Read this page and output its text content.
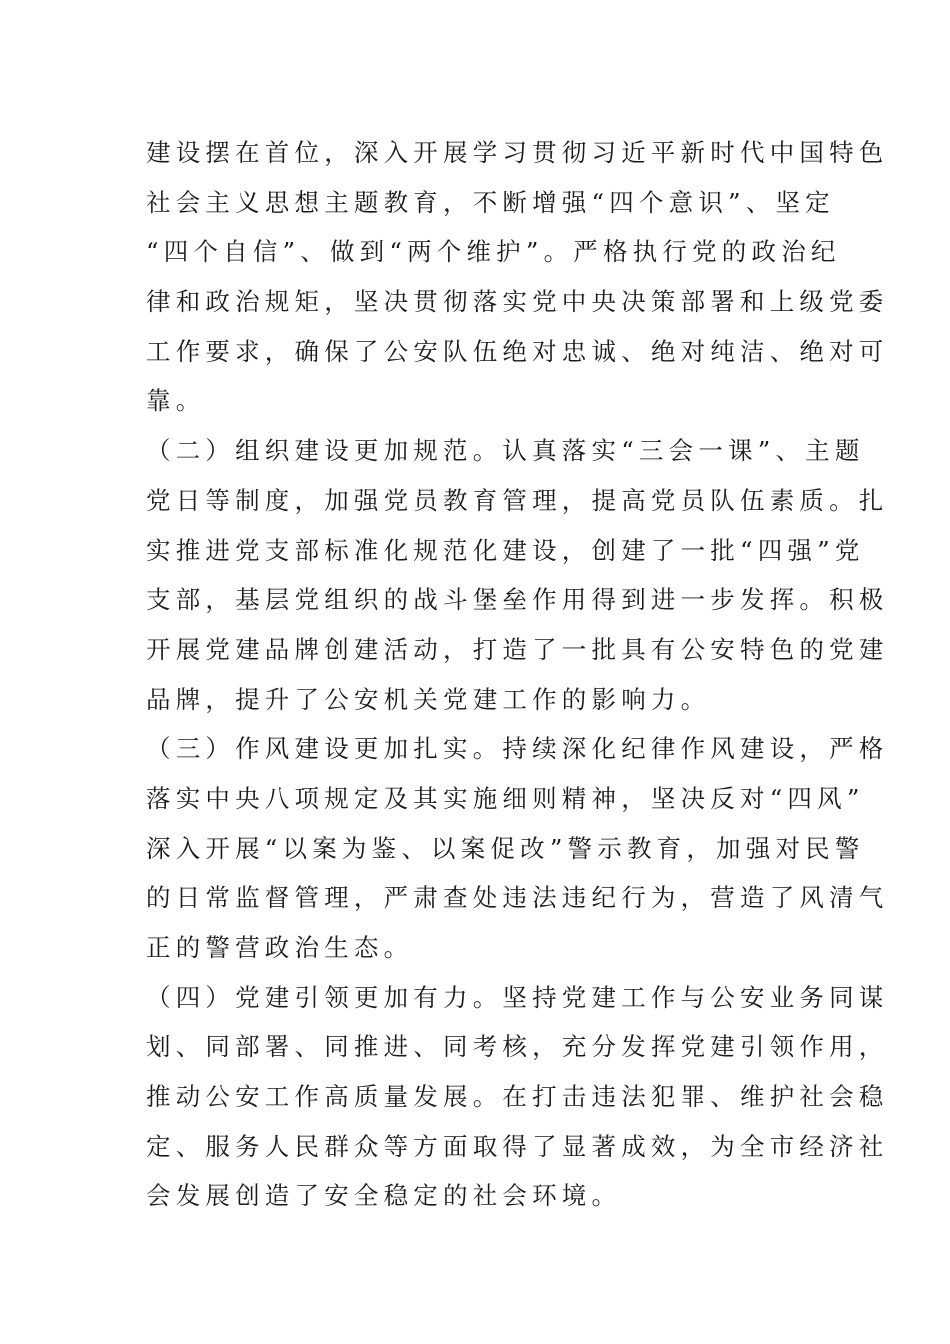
建设摆在首位，深入开展学习贯彻习近平新时代中国特色
社会主义思想主题教育，不断增强“四个意识”、坚定
“四个自信”、做到“两个维护”。严格执行党的政治纪
律和政治规矩，坚决贯彻落实党中央决策部署和上级党委
工作要求，确保了公安队伍绝对忠诚、绝对纯洁、绝对可
靠。
（二）组织建设更加规范。认真落实“三会一课”、主题
党日等制度，加强党员教育管理，提高党员队伍素质。扎
实推进党支部标准化规范化建设，创建了一批“四强”党
支部，基层党组织的战斗堡垒作用得到进一步发挥。积极
开展党建品牌创建活动，打造了一批具有公安特色的党建
品牌，提升了公安机关党建工作的影响力。
（三）作风建设更加扎实。持续深化纪律作风建设，严格
落实中央八项规定及其实施细则精神，坚决反对“四风”
深入开展“以案为鉴、以案促改”警示教育，加强对民警
的日常监督管理，严肃查处违法违纪行为，营造了风清气
正的警营政治生态。
（四）党建引领更加有力。坚持党建工作与公安业务同谋
划、同部署、同推进、同考核，充分发挥党建引领作用，
推动公安工作高质量发展。在打击违法犯罪、维护社会稳
定、服务人民群众等方面取得了显著成效，为全市经济社
会发展创造了安全稳定的社会环境。
